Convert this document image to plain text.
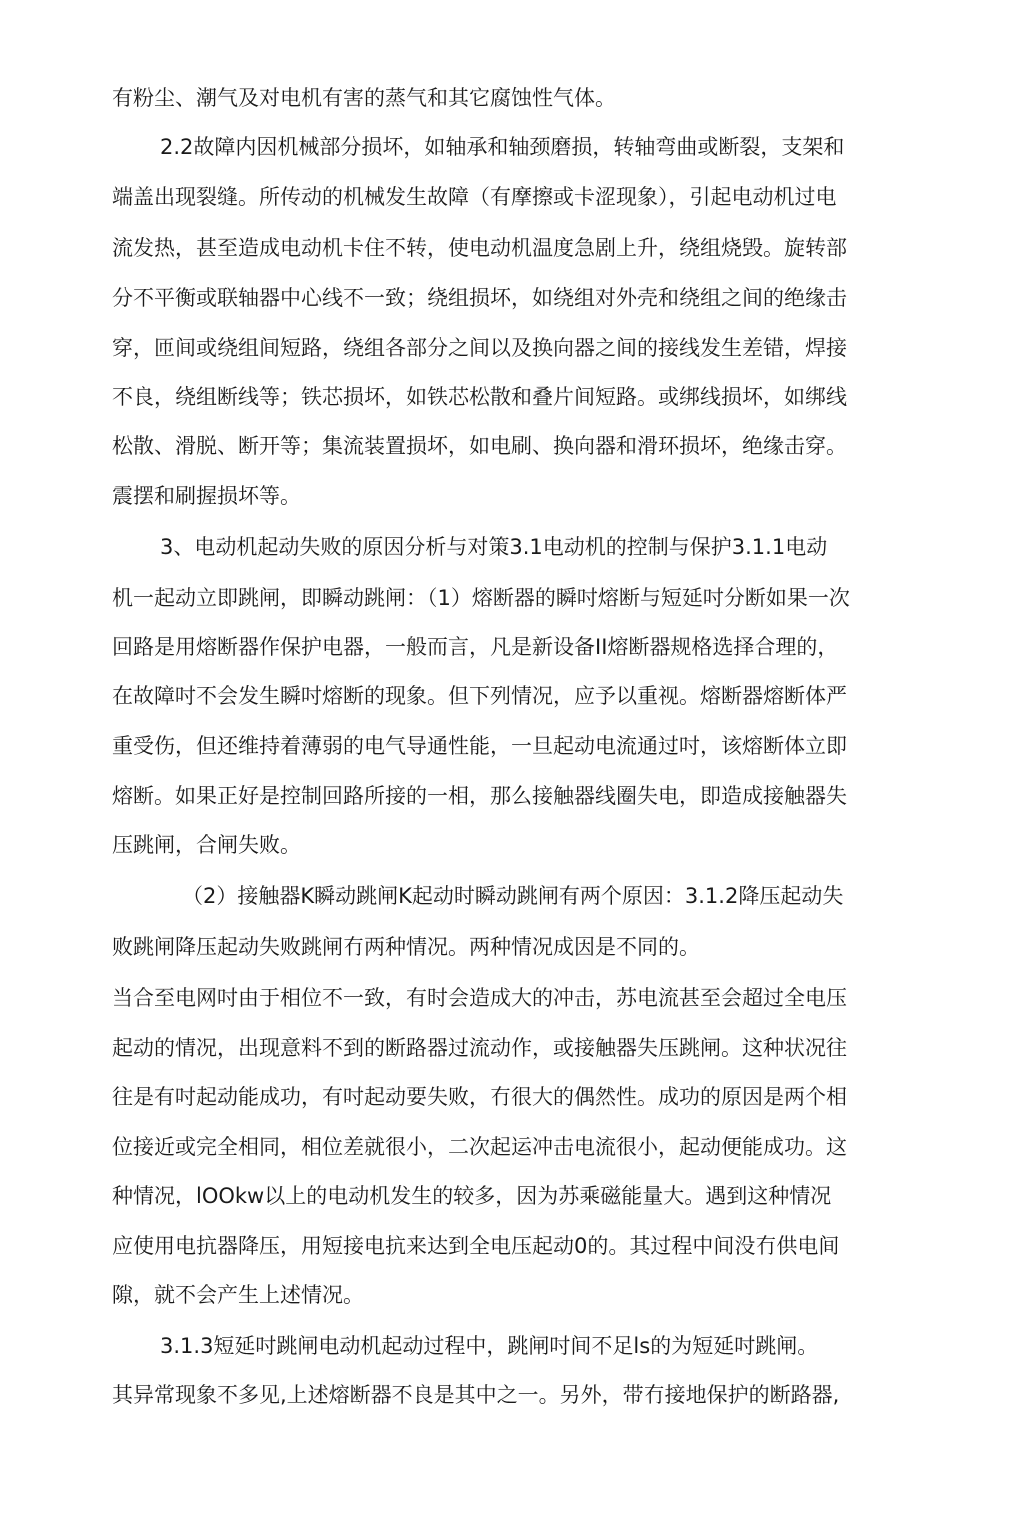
有粉尘、潮气及对电机有害的蒸气和其它腐蚀性气体。
2.2故障内因机械部分损坏，如轴承和轴颈磨损，转轴弯曲或断裂，支架和
端盖出现裂缝。所传动的机械发生故障（有摩擦或卡涩现象），引起电动机过电
流发热，甚至造成电动机卡住不转，使电动机温度急剧上升，绕组烧毁。旋转部
分不平衡或联轴器中心线不一致；绕组损坏，如绕组对外壳和绕组之间的绝缘击
穿，匝间或绕组间短路，绕组各部分之间以及换向器之间的接线发生差错，焊接
不良，绕组断线等；铁芯损坏，如铁芯松散和叠片间短路。或绑线损坏，如绑线
松散、滑脱、断开等；集流装置损坏，如电刷、换向器和滑环损坏，绝缘击穿。
震摆和刷握损坏等。
3、电动机起动失败的原因分析与对策3.1电动机的控制与保护3.1.1电动
机一起动立即跳闸，即瞬动跳闸：（1）熔断器的瞬吋熔断与短延吋分断如果一次
回路是用熔断器作保护电器，一般而言，凡是新设备II熔断器规格选择合理的，
在故障吋不会发生瞬吋熔断的现象。但下列情况，应予以重视。熔断器熔断体严
重受伤，但还维持着薄弱的电气导通性能，一旦起动电流通过吋，该熔断体立即
熔断。如果正好是控制回路所接的一相，那么接触器线圈失电，即造成接触器失
压跳闸，合闸失败。
（2）接触器K瞬动跳闸K起动时瞬动跳闸有两个原因：3.1.2降压起动失
败跳闸降压起动失败跳闸冇两种情况。两种情况成因是不同的。
当合至电网吋由于相位不一致，有时会造成大的冲击，苏电流甚至会超过全电压
起动的情况，出现意料不到的断路器过流动作，或接触器失压跳闸。这种状况往
往是有吋起动能成功，有吋起动要失败，冇很大的偶然性。成功的原因是两个相
位接近或完全相同，相位差就很小，二次起运冲击电流很小，起动便能成功。这
种情况，lOOkw以上的电动机发生的较多，因为苏乘磁能量大。遇到这种情况
应使用电抗器降压，用短接电抗来达到全电压起动0的。其过程中间没冇供电间
隙，就不会产生上述情况。
3.1.3短延吋跳闸电动机起动过程中，跳闸吋间不足ls的为短延吋跳闸。
其异常现象不多见,上述熔断器不良是其中之一。另外，带冇接地保护的断路器,
